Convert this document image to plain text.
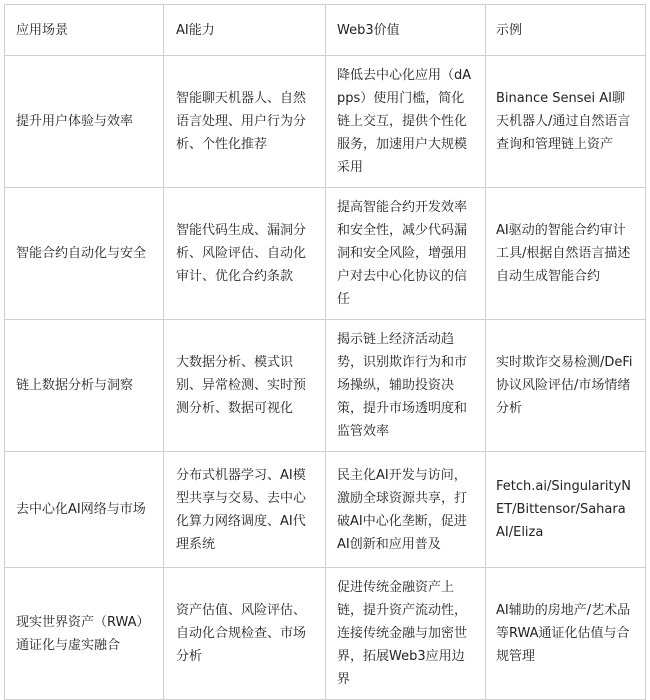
应用场景	AI能力	Web3价值	示例
提升用户体验与效率	智能聊天机器人、自然语言处理、用户行为分析、个性化推荐	降低去中心化应用（dApps）使用门槛，简化链上交互，提供个性化服务，加速用户大规模采用	Binance Sensei AI聊天机器人/通过自然语言查询和管理链上资产
智能合约自动化与安全	智能代码生成、漏洞分析、风险评估、自动化审计、优化合约条款	提高智能合约开发效率和安全性，减少代码漏洞和安全风险，增强用户对去中心化协议的信任	AI驱动的智能合约审计工具/根据自然语言描述自动生成智能合约
链上数据分析与洞察	大数据分析、模式识别、异常检测、实时预测分析、数据可视化	揭示链上经济活动趋势，识别欺诈行为和市场操纵，辅助投资决策，提升市场透明度和监管效率	实时欺诈交易检测/DeFi协议风险评估/市场情绪分析
去中心化AI网络与市场	分布式机器学习、AI模型共享与交易、去中心化算力网络调度、AI代理系统	民主化AI开发与访问，激励全球资源共享，打破AI中心化垄断，促进AI创新和应用普及	Fetch.ai/SingularityNET/Bittensor/Sahara AI/Eliza
现实世界资产（RWA）通证化与虚实融合	资产估值、风险评估、自动化合规检查、市场分析	促进传统金融资产上链，提升资产流动性，连接传统金融与加密世界，拓展Web3应用边界	AI辅助的房地产/艺术品等RWA通证化估值与合规管理
